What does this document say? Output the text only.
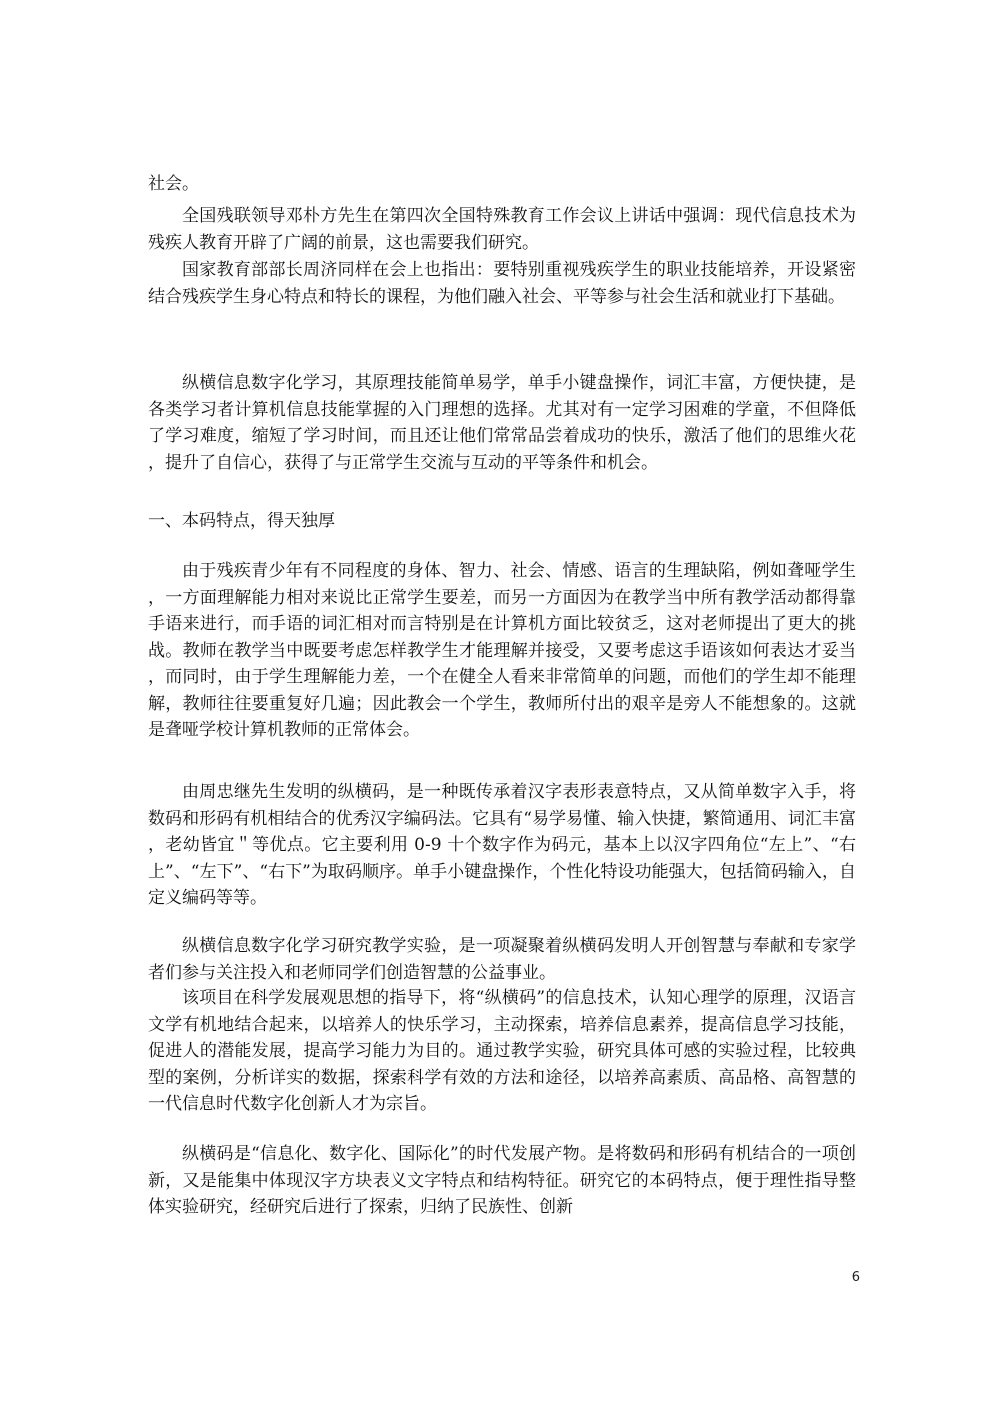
社会。

全国残联领导邓朴方先生在第四次全国特殊教育工作会议上讲话中强调：现代信息技术为残疾人教育开辟了广阔的前景，这也需要我们研究。

国家教育部部长周济同样在会上也指出：要特别重视残疾学生的职业技能培养，开设紧密结合残疾学生身心特点和特长的课程，为他们融入社会、平等参与社会生活和就业打下基础。

纵横信息数字化学习，其原理技能简单易学，单手小键盘操作，词汇丰富，方便快捷，是各类学习者计算机信息技能掌握的入门理想的选择。尤其对有一定学习困难的学童，不但降低了学习难度，缩短了学习时间，而且还让他们常常品尝着成功的快乐，激活了他们的思维火花，提升了自信心，获得了与正常学生交流与互动的平等条件和机会。

一、本码特点，得天独厚

由于残疾青少年有不同程度的身体、智力、社会、情感、语言的生理缺陷，例如聋哑学生，一方面理解能力相对来说比正常学生要差，而另一方面因为在教学当中所有教学活动都得靠手语来进行，而手语的词汇相对而言特别是在计算机方面比较贫乏，这对老师提出了更大的挑战。教师在教学当中既要考虑怎样教学生才能理解并接受，又要考虑这手语该如何表达才妥当，而同时，由于学生理解能力差，一个在健全人看来非常简单的问题，而他们的学生却不能理解，教师往往要重复好几遍；因此教会一个学生，教师所付出的艰辛是旁人不能想象的。这就是聋哑学校计算机教师的正常体会。

由周忠继先生发明的纵横码，是一种既传承着汉字表形表意特点，又从简单数字入手，将数码和形码有机相结合的优秀汉字编码法。它具有“易学易懂、输入快捷，繁简通用、词汇丰富，老幼皆宜＂等优点。它主要利用 0-9 十个数字作为码元，基本上以汉字四角位“左上”、“右上”、“左下”、“右下”为取码顺序。单手小键盘操作，个性化特设功能强大，包括简码输入，自定义编码等等。

纵横信息数字化学习研究教学实验，是一项凝聚着纵横码发明人开创智慧与奉献和专家学者们参与关注投入和老师同学们创造智慧的公益事业。

该项目在科学发展观思想的指导下，将“纵横码”的信息技术，认知心理学的原理，汉语言文学有机地结合起来，以培养人的快乐学习，主动探索，培养信息素养，提高信息学习技能，促进人的潜能发展，提高学习能力为目的。通过教学实验，研究具体可感的实验过程，比较典型的案例，分析详实的数据，探索科学有效的方法和途径，以培养高素质、高品格、高智慧的一代信息时代数字化创新人才为宗旨。

纵横码是“信息化、数字化、国际化”的时代发展产物。是将数码和形码有机结合的一项创新，又是能集中体现汉字方块表义文字特点和结构特征。研究它的本码特点，便于理性指导整体实验研究，经研究后进行了探索，归纳了民族性、创新

6
